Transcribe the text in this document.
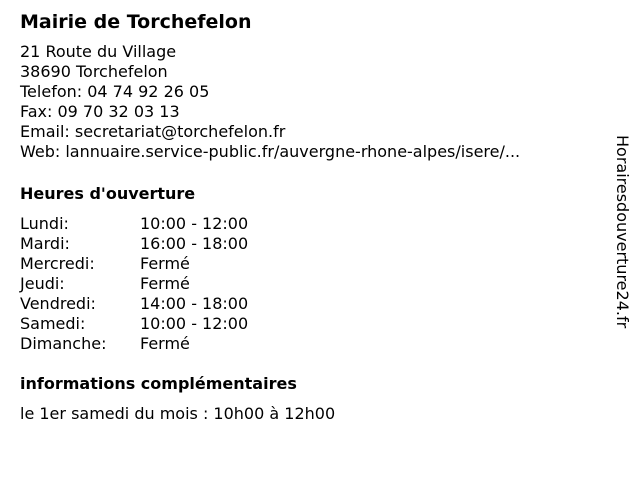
Mairie de Torchefelon
21 Route du Village
38690 Torchefelon
Telefon: 04 74 92 26 05
Fax: 09 70 32 03 13
Email: secretariat@torchefelon.fr
Web: lannuaire.service-public.fr/auvergne-rhone-alpes/isere/...
Heures d'ouverture
Lundi:	10:00 - 12:00
Mardi:	16:00 - 18:00
Mercredi:	Fermé
Jeudi:	Fermé
Vendredi:	14:00 - 18:00
Samedi:	10:00 - 12:00
Dimanche:	Fermé
informations complémentaires
le 1er samedi du mois : 10h00 à 12h00
Horairesdouverture24.fr
